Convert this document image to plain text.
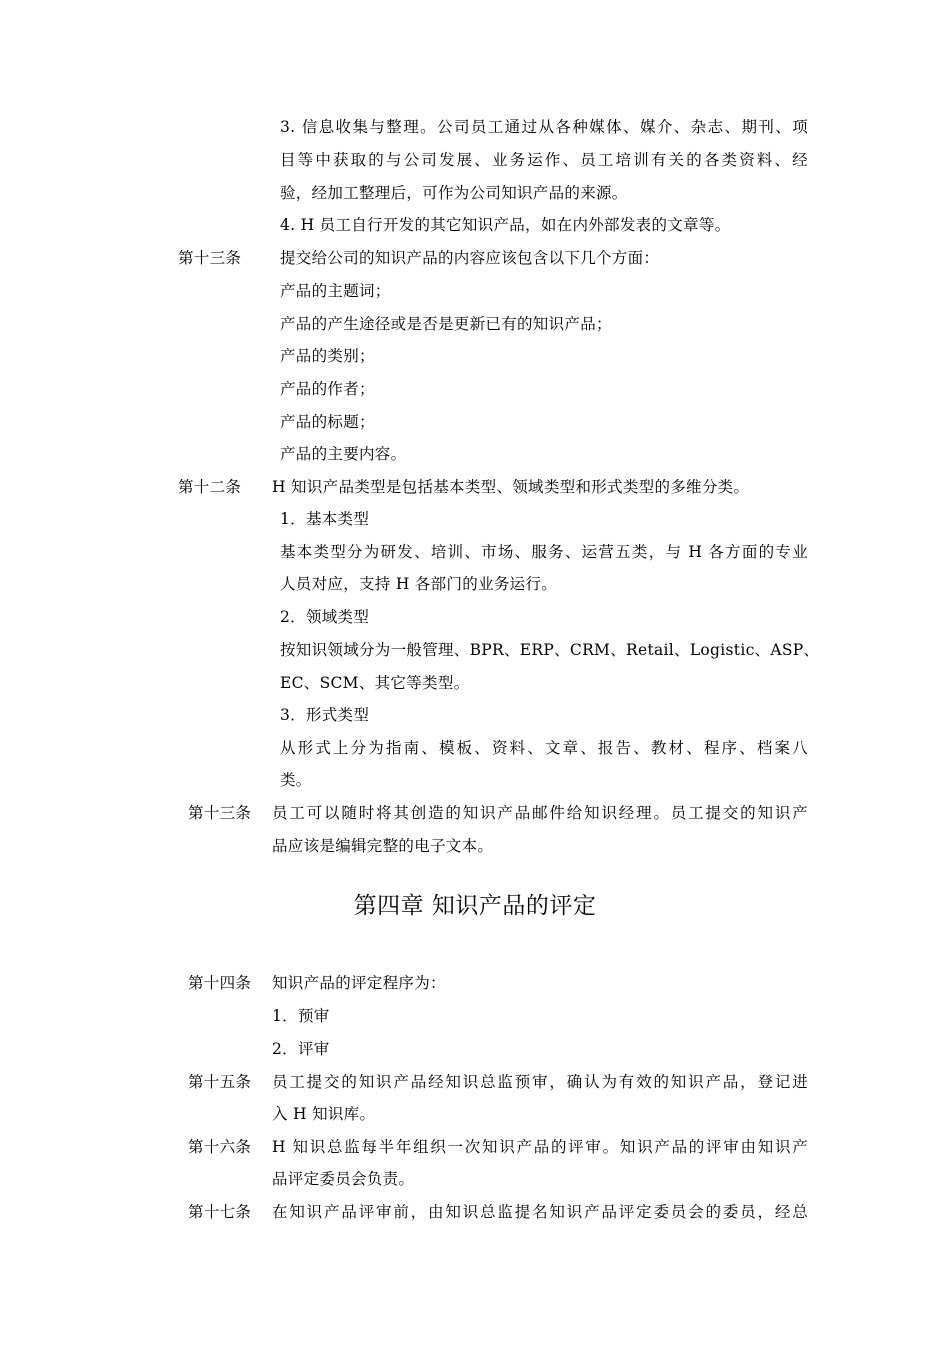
3. 信息收集与整理。公司员工通过从各种媒体、媒介、杂志、期刊、项
目等中获取的与公司发展、业务运作、员工培训有关的各类资料、经
验，经加工整理后，可作为公司知识产品的来源。
4. H 员工自行开发的其它知识产品，如在内外部发表的文章等。
第十三条	提交给公司的知识产品的内容应该包含以下几个方面：
产品的主题词；
产品的产生途径或是否是更新已有的知识产品；
产品的类别；
产品的作者；
产品的标题；
产品的主要内容。
第十二条 H 知识产品类型是包括基本类型、领域类型和形式类型的多维分类。
1．基本类型
基本类型分为研发、培训、市场、服务、运营五类，与 H 各方面的专业
人员对应，支持 H 各部门的业务运行。
2．领域类型
按知识领域分为一般管理、BPR、ERP、CRM、Retail、Logistic、ASP、
EC、SCM、其它等类型。
3．形式类型
从形式上分为指南、模板、资料、文章、报告、教材、程序、档案八
类。
第十三条 员工可以随时将其创造的知识产品邮件给知识经理。员工提交的知识产
品应该是编辑完整的电子文本。
第四章 知识产品的评定
第十四条 知识产品的评定程序为：
1．预审
2．评审
第十五条 员工提交的知识产品经知识总监预审，确认为有效的知识产品，登记进
入 H 知识库。
第十六条 H 知识总监每半年组织一次知识产品的评审。知识产品的评审由知识产
品评定委员会负责。
第十七条 在知识产品评审前，由知识总监提名知识产品评定委员会的委员，经总
